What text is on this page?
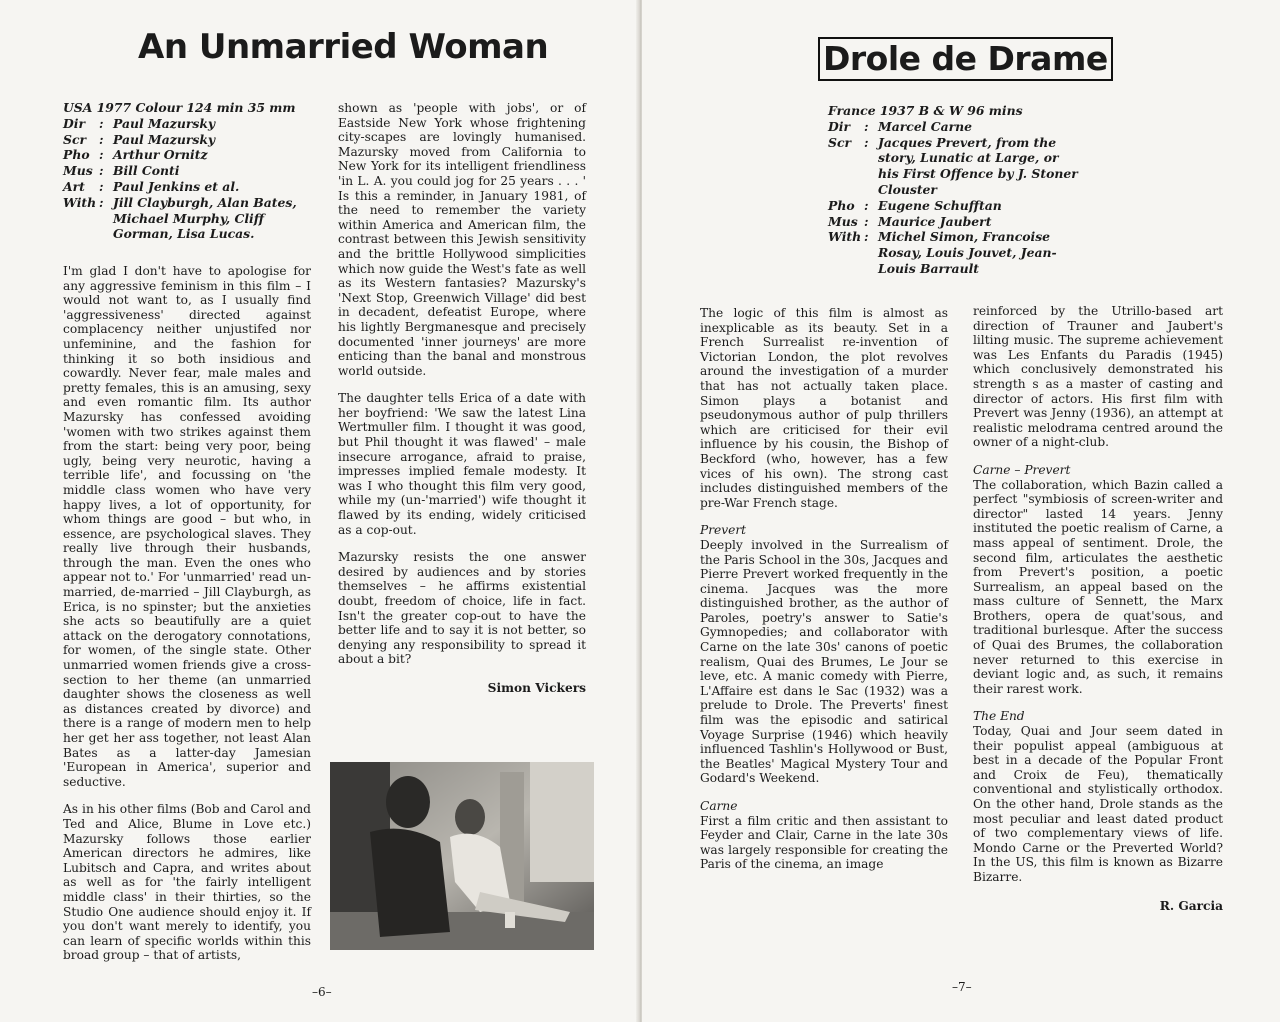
An Unmarried Woman
USA 1977 Colour 124 min 35 mm
Dir	: Paul Mazursky
Scr	: Paul Mazursky
Pho : Arthur Ornitz
Mus : Bill Conti
Art	: Paul Jenkins et al.
With : Jill Clayburgh, Alan Bates, Michael Murphy, Cliff Gorman, Lisa Lucas.

I'm glad I don't have to apologise for any aggressive feminism in this film – I would not want to, as I usually find 'aggressiveness' directed against complacency neither unjustifed nor unfeminine, and the fashion for thinking it so both insidious and cowardly. Never fear, male males and pretty females, this is an amusing, sexy and even romantic film. Its author Mazursky has confessed avoiding 'women with two strikes against them from the start: being very poor, being ugly, being very neurotic, having a terrible life', and focussing on 'the middle class women who have very happy lives, a lot of opportunity, for whom things are good – but who, in essence, are psychological slaves. They really live through their husbands, through the man. Even the ones who appear not to.' For 'unmarried' read un-married, de-married – Jill Clayburgh, as Erica, is no spinster; but the anxieties she acts so beautifully are a quiet attack on the derogatory connotations, for women, of the single state. Other unmarried women friends give a cross-section to her theme (an unmarried daughter shows the closeness as well as distances created by divorce) and there is a range of modern men to help her get her ass together, not least Alan Bates as a latter-day Jamesian 'European in America', superior and seductive.

As in his other films (Bob and Carol and Ted and Alice, Blume in Love etc.) Mazursky follows those earlier American directors he admires, like Lubitsch and Capra, and writes about as well as for 'the fairly intelligent middle class' in their thirties, so the Studio One audience should enjoy it. If you don't want merely to identify, you can learn of specific worlds within this broad group – that of artists,

shown as 'people with jobs', or of Eastside New York whose frightening city-scapes are lovingly humanised. Mazursky moved from California to New York for its intelligent friendliness 'in L. A. you could jog for 25 years . . . ' Is this a reminder, in January 1981, of the need to remember the variety within America and American film, the contrast between this Jewish sensitivity and the brittle Hollywood simplicities which now guide the West's fate as well as its Western fantasies? Mazursky's 'Next Stop, Greenwich Village' did best in decadent, defeatist Europe, where his lightly Bergmanesque and precisely documented 'inner journeys' are more enticing than the banal and monstrous world outside.

The daughter tells Erica of a date with her boyfriend: 'We saw the latest Lina Wertmuller film. I thought it was good, but Phil thought it was flawed' – male insecure arrogance, afraid to praise, impresses implied female modesty. It was I who thought this film very good, while my (un-'married') wife thought it flawed by its ending, widely criticised as a cop-out.

Mazursky resists the one answer desired by audiences and by stories themselves – he affirms existential doubt, freedom of choice, life in fact. Isn't the greater cop-out to have the better life and to say it is not better, so denying any responsibility to spread it about a bit?

Simon Vickers
–6–
Drole de Drame
France 1937 B & W 96 mins
Dir	: Marcel Carne
Scr	: Jacques Prevert, from the story, Lunatic at Large, or his First Offence by J. Stoner Clouster
Pho : Eugene Schufftan
Mus : Maurice Jaubert
With : Michel Simon, Francoise Rosay, Louis Jouvet, Jean-Louis Barrault

The logic of this film is almost as inexplicable as its beauty. Set in a French Surrealist re-invention of Victorian London, the plot revolves around the investigation of a murder that has not actually taken place. Simon plays a botanist and pseudonymous author of pulp thrillers which are criticised for their evil influence by his cousin, the Bishop of Beckford (who, however, has a few vices of his own). The strong cast includes distinguished members of the pre-War French stage.

Prevert

Deeply involved in the Surrealism of the Paris School in the 30s, Jacques and Pierre Prevert worked frequently in the cinema. Jacques was the more distinguished brother, as the author of Paroles, poetry's answer to Satie's Gymnopedies; and collaborator with Carne on the late 30s' canons of poetic realism, Quai des Brumes, Le Jour se leve, etc. A manic comedy with Pierre, L'Affaire est dans le Sac (1932) was a prelude to Drole. The Preverts' finest film was the episodic and satirical Voyage Surprise (1946) which heavily influenced Tashlin's Hollywood or Bust, the Beatles' Magical Mystery Tour and Godard's Weekend.

Carne

First a film critic and then assistant to Feyder and Clair, Carne in the late 30s was largely responsible for creating the Paris of the cinema, an image

reinforced by the Utrillo-based art direction of Trauner and Jaubert's lilting music. The supreme achievement was Les Enfants du Paradis (1945) which conclusively demonstrated his strength s as a master of casting and director of actors. His first film with Prevert was Jenny (1936), an attempt at realistic melodrama centred around the owner of a night-club.

Carne – Prevert

The collaboration, which Bazin called a perfect "symbiosis of screen-writer and director" lasted 14 years. Jenny instituted the poetic realism of Carne, a mass appeal of sentiment. Drole, the second film, articulates the aesthetic from Prevert's position, a poetic Surrealism, an appeal based on the mass culture of Sennett, the Marx Brothers, opera de quat'sous, and traditional burlesque. After the success of Quai des Brumes, the collaboration never returned to this exercise in deviant logic and, as such, it remains their rarest work.

The End

Today, Quai and Jour seem dated in their populist appeal (ambiguous at best in a decade of the Popular Front and Croix de Feu), thematically conventional and stylistically orthodox. On the other hand, Drole stands as the most peculiar and least dated product of two complementary views of life. Mondo Carne or the Preverted World? In the US, this film is known as Bizarre Bizarre.

R. Garcia
–7–
